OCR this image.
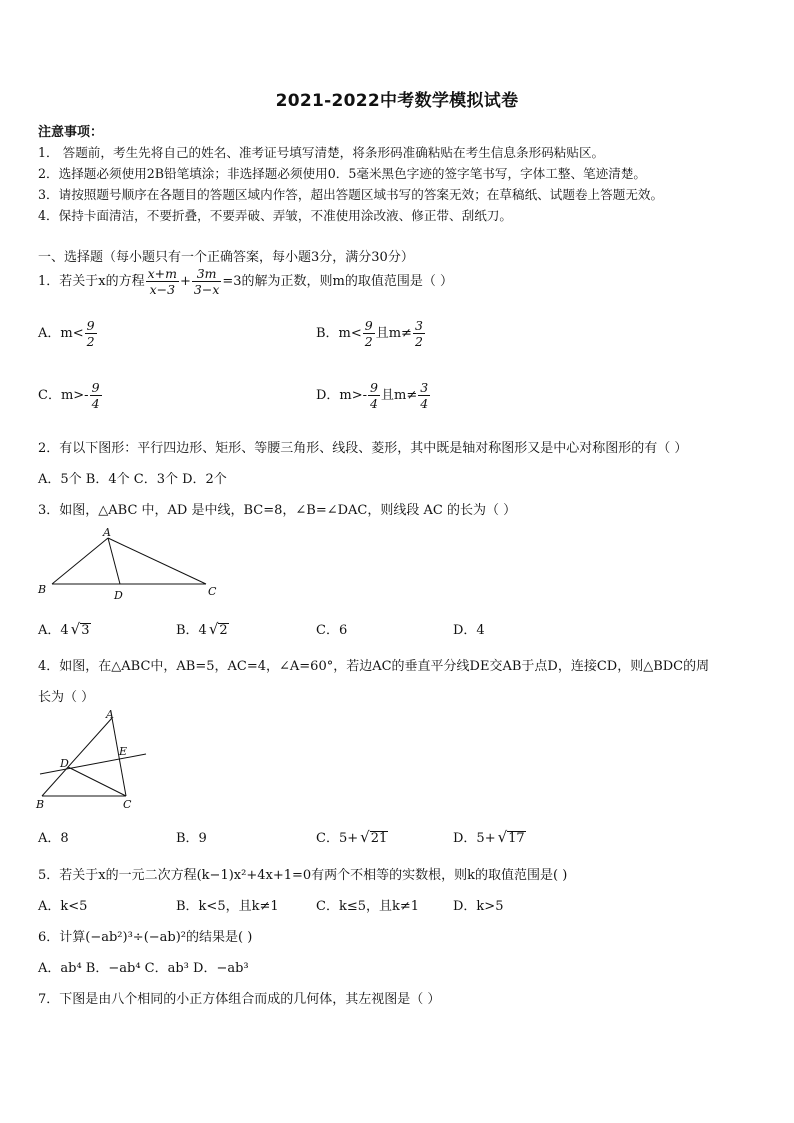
2021-2022中考数学模拟试卷
注意事项：
1． 答题前，考生先将自己的姓名、准考证号填写清楚，将条形码准确粘贴在考生信息条形码粘贴区。
2．选择题必须使用2B铅笔填涂；非选择题必须使用0．5毫米黑色字迹的签字笔书写，字体工整、笔迹清楚。
3．请按照题号顺序在各题目的答题区域内作答，超出答题区域书写的答案无效；在草稿纸、试题卷上答题无效。
4．保持卡面清洁，不要折叠，不要弄破、弄皱，不准使用涂改液、修正带、刮纸刀。
一、选择题（每小题只有一个正确答案，每小题3分，满分30分）
1．若关于x的方程 $\frac{x+m}{x-3} + \frac{3m}{3-x} =3$的解为正数，则m的取值范围是（ ）
A．$m< \frac{9}{2}$	B．$m< \frac{9}{2}$ 且$m\ne \frac{3}{2}$
C．$m>- \frac{9}{4}$	D．$m>- \frac{9}{4}$ 且$m\ne \frac{3}{4}$
2．有以下图形：平行四边形、矩形、等腰三角形、线段、菱形，其中既是轴对称图形又是中心对称图形的有（ ）
A．5个 B．4个 C．3个 D．2个
3．如图，△ABC 中，AD 是中线，BC=8，∠B=∠DAC，则线段 AC 的长为（ ）
A
B	C
D
A．4 √3	B．4 √2	C．6	D．4
4．如图，在△ABC中，AB=5，AC=4，∠A=60°，若边AC的垂直平分线DE交AB于点D，连接CD，则△BDC的周
长为（ ）
A
B	C
D
E
A．8	B．9	C．5+ √21	D．5+ √17
5．若关于x的一元二次方程(k−1)x²+4x+1=0有两个不相等的实数根，则k的取值范围是( )
A．k<5	B．k<5，且k≠1	C．k≤5，且k≠1	D．k>5
6．计算(−ab²)³÷(−ab)²的结果是( )
A．ab⁴ B．−ab⁴ C．ab³ D．−ab³
7．下图是由八个相同的小正方体组合而成的几何体，其左视图是（ ）
